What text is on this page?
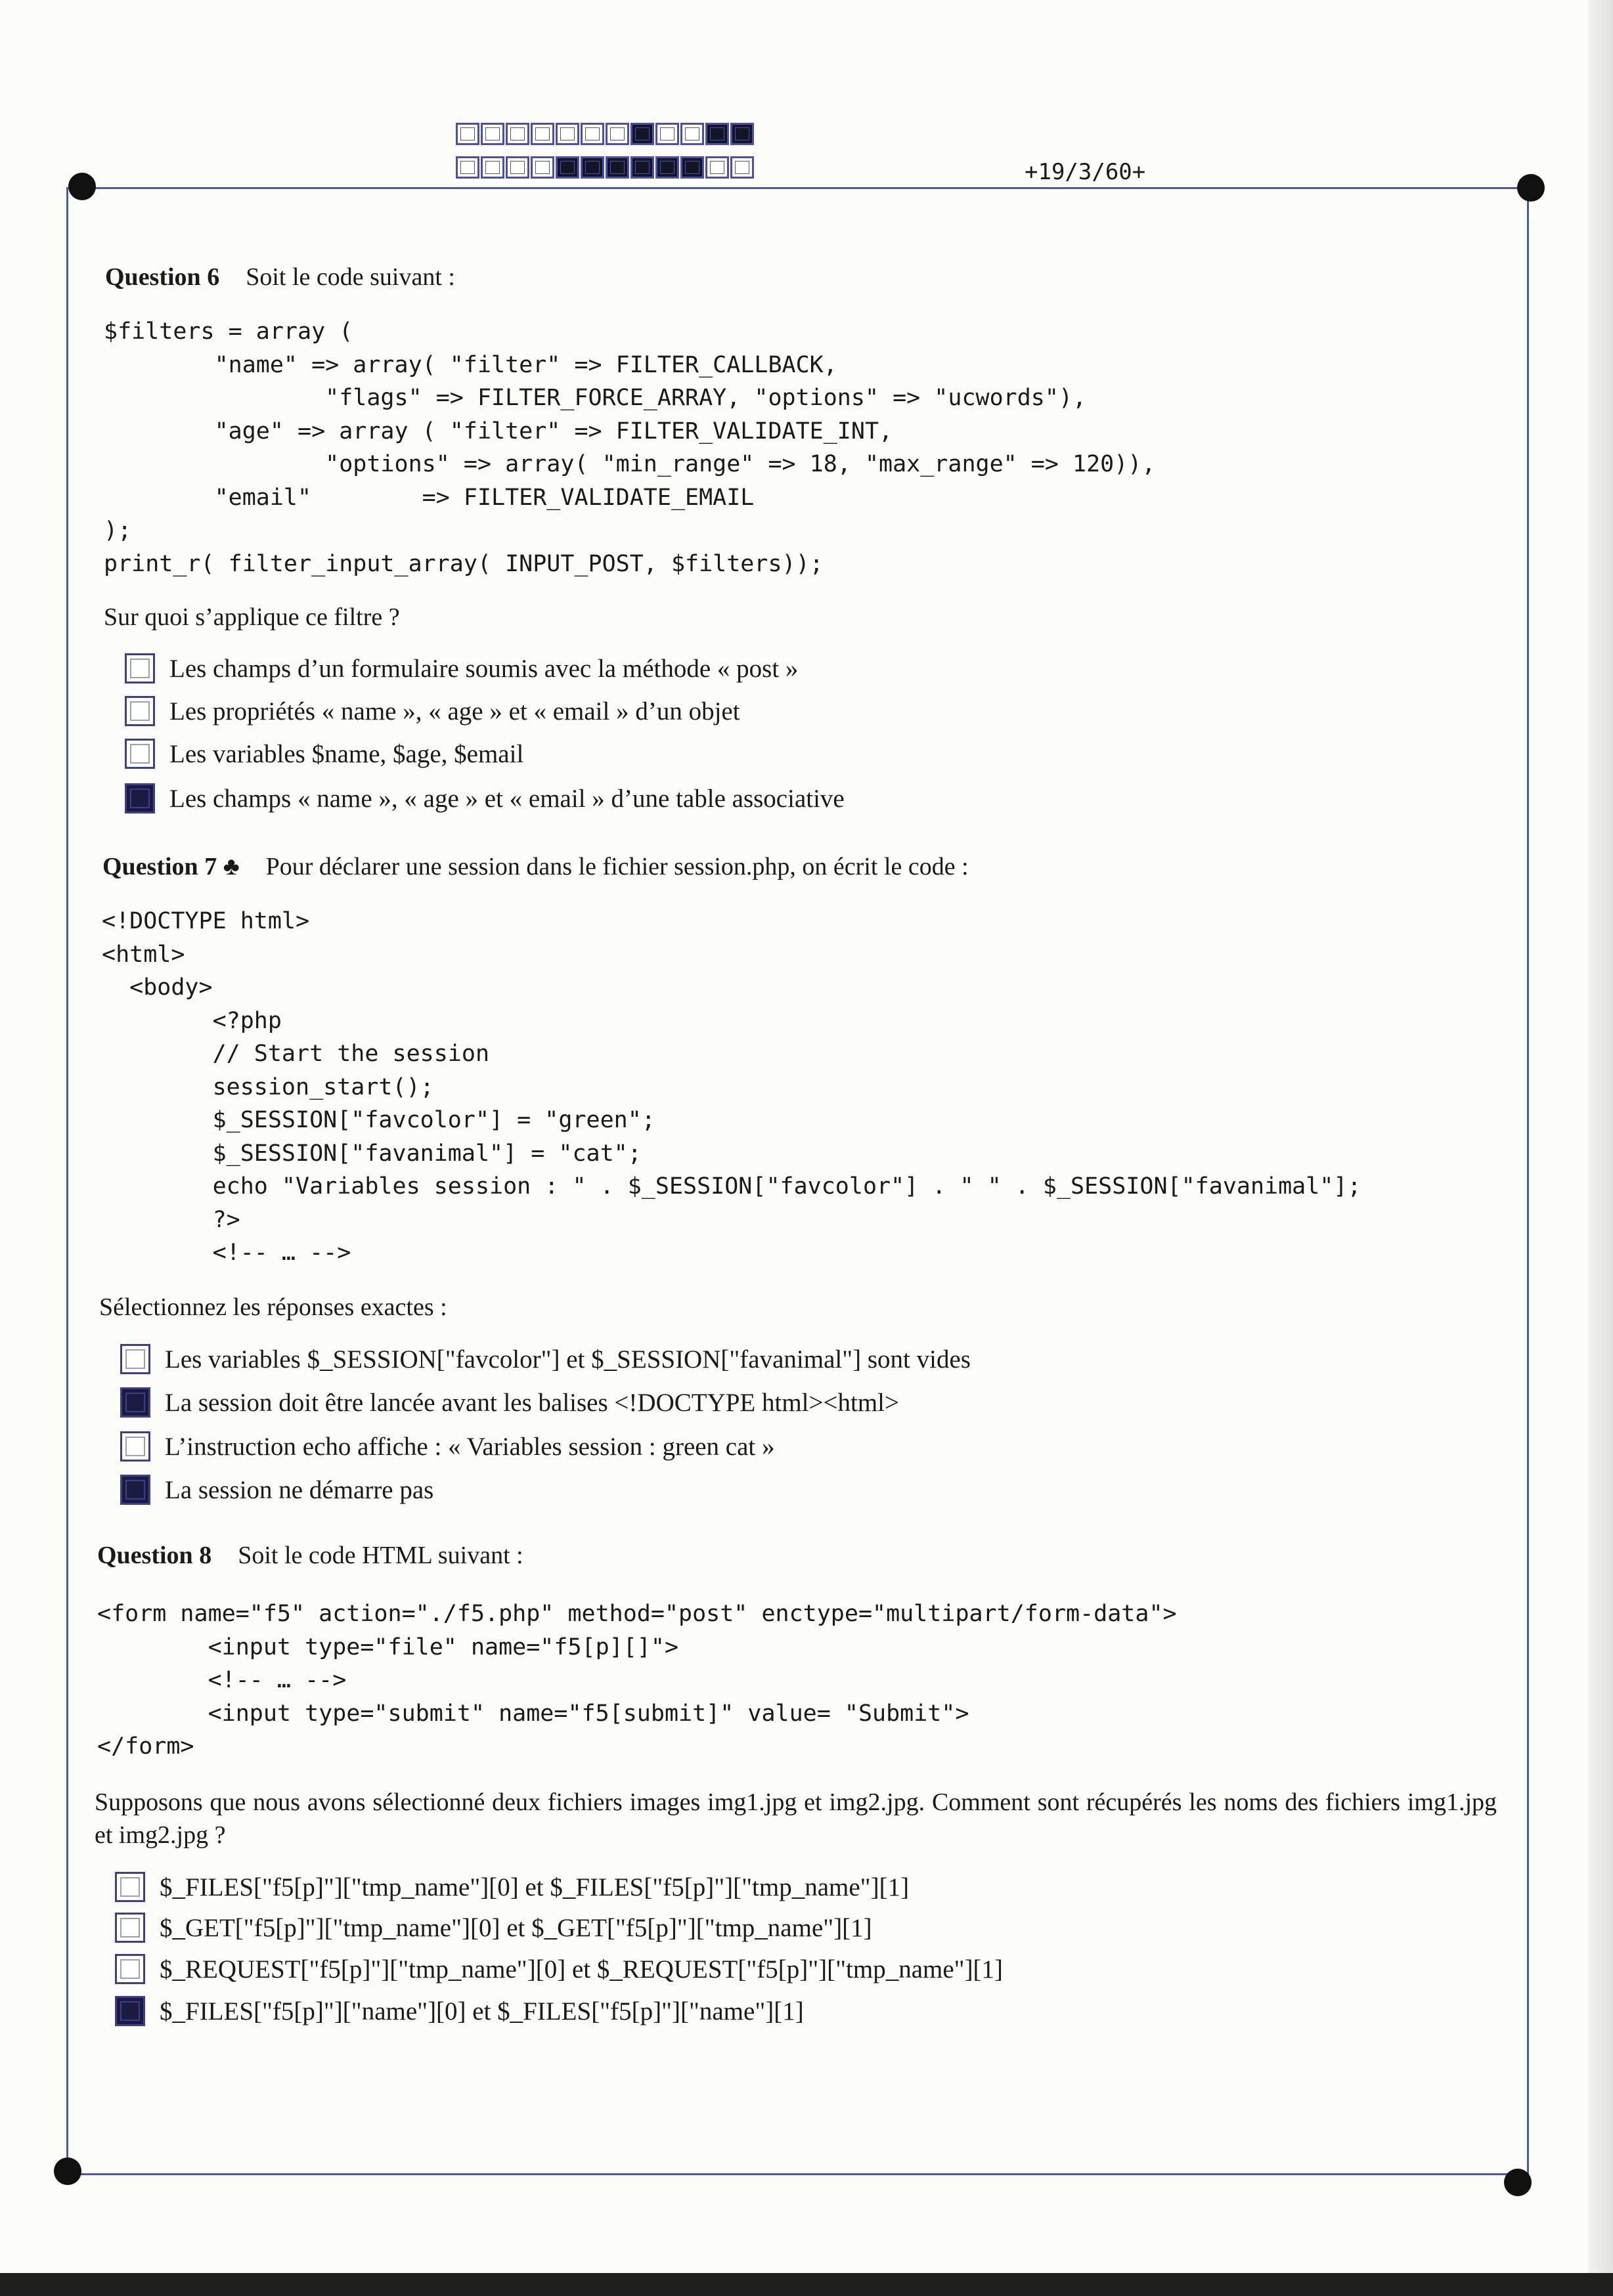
+19/3/60+
Question 6 Soit le code suivant :
$filters = array (
"name" => array( "filter" => FILTER_CALLBACK,
"flags" => FILTER_FORCE_ARRAY, "options" => "ucwords"),
"age" => array ( "filter" => FILTER_VALIDATE_INT,
"options" => array( "min_range" => 18, "max_range" => 120)),
"email"        => FILTER_VALIDATE_EMAIL
);
print_r( filter_input_array( INPUT_POST, $filters));
Sur quoi s’applique ce filtre ?
Les champs d’un formulaire soumis avec la méthode « post »
Les propriétés « name », « age » et « email » d’un objet
Les variables $name, $age, $email
Les champs « name », « age » et « email » d’une table associative
Question 7 ♣ Pour déclarer une session dans le fichier session.php, on écrit le code :
<!DOCTYPE html>
<html>
<body>
<?php
// Start the session
session_start();
$_SESSION["favcolor"] = "green";
$_SESSION["favanimal"] = "cat";
echo "Variables session : " . $_SESSION["favcolor"] . " " . $_SESSION["favanimal"];
?>
<!-- … -->
Sélectionnez les réponses exactes :
Les variables $_SESSION["favcolor"] et $_SESSION["favanimal"] sont vides
La session doit être lancée avant les balises <!DOCTYPE html><html>
L’instruction echo affiche : « Variables session : green cat »
La session ne démarre pas
Question 8 Soit le code HTML suivant :
<form name="f5" action="./f5.php" method="post" enctype="multipart/form-data">
<input type="file" name="f5[p][]">
<!-- … -->
<input type="submit" name="f5[submit]" value= "Submit">
</form>
Supposons que nous avons sélectionné deux fichiers images img1.jpg et img2.jpg. Comment sont récupérés les noms des fichiers img1.jpg et img2.jpg ?
$_FILES["f5[p]"]["tmp_name"][0] et $_FILES["f5[p]"]["tmp_name"][1]
$_GET["f5[p]"]["tmp_name"][0] et $_GET["f5[p]"]["tmp_name"][1]
$_REQUEST["f5[p]"]["tmp_name"][0] et $_REQUEST["f5[p]"]["tmp_name"][1]
$_FILES["f5[p]"]["name"][0] et $_FILES["f5[p]"]["name"][1]
